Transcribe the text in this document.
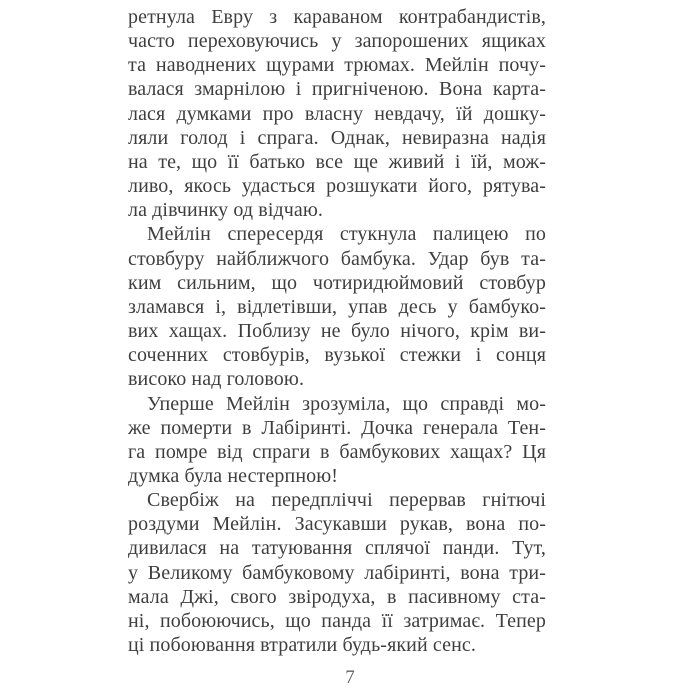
ретнула Евру з караваном контрабандистів,
часто переховуючись у запорошених ящиках
та наводнених щурами трюмах. Мейлін почу-
валася змарнілою і пригніченою. Вона карта-
лася думками про власну невдачу, їй дошку-
ляли голод і спрага. Однак, невиразна надія
на те, що її батько все ще живий і їй, мож-
ливо, якось удасться розшукати його, рятува-
ла дівчинку од відчаю.
Мейлін спересердя стукнула палицею по
стовбуру найближчого бамбука. Удар був та-
ким сильним, що чотиридюймовий стовбур
зламався і, відлетівши, упав десь у бамбуко-
вих хащах. Поблизу не було нічого, крім ви-
соченних стовбурів, вузької стежки і сонця
високо над головою.
Уперше Мейлін зрозуміла, що справді мо-
же померти в Лабіринті. Дочка генерала Тен-
га помре від спраги в бамбукових хащах? Ця
думка була нестерпною!
Свербіж на передпліччі перервав гнітючі
роздуми Мейлін. Засукавши рукав, вона по-
дивилася на татуювання сплячої панди. Тут,
у Великому бамбуковому лабіринті, вона три-
мала Джі, свого звіродуха, в пасивному ста-
ні, побоюючись, що панда її затримає. Тепер
ці побоювання втратили будь-який сенс.
7
